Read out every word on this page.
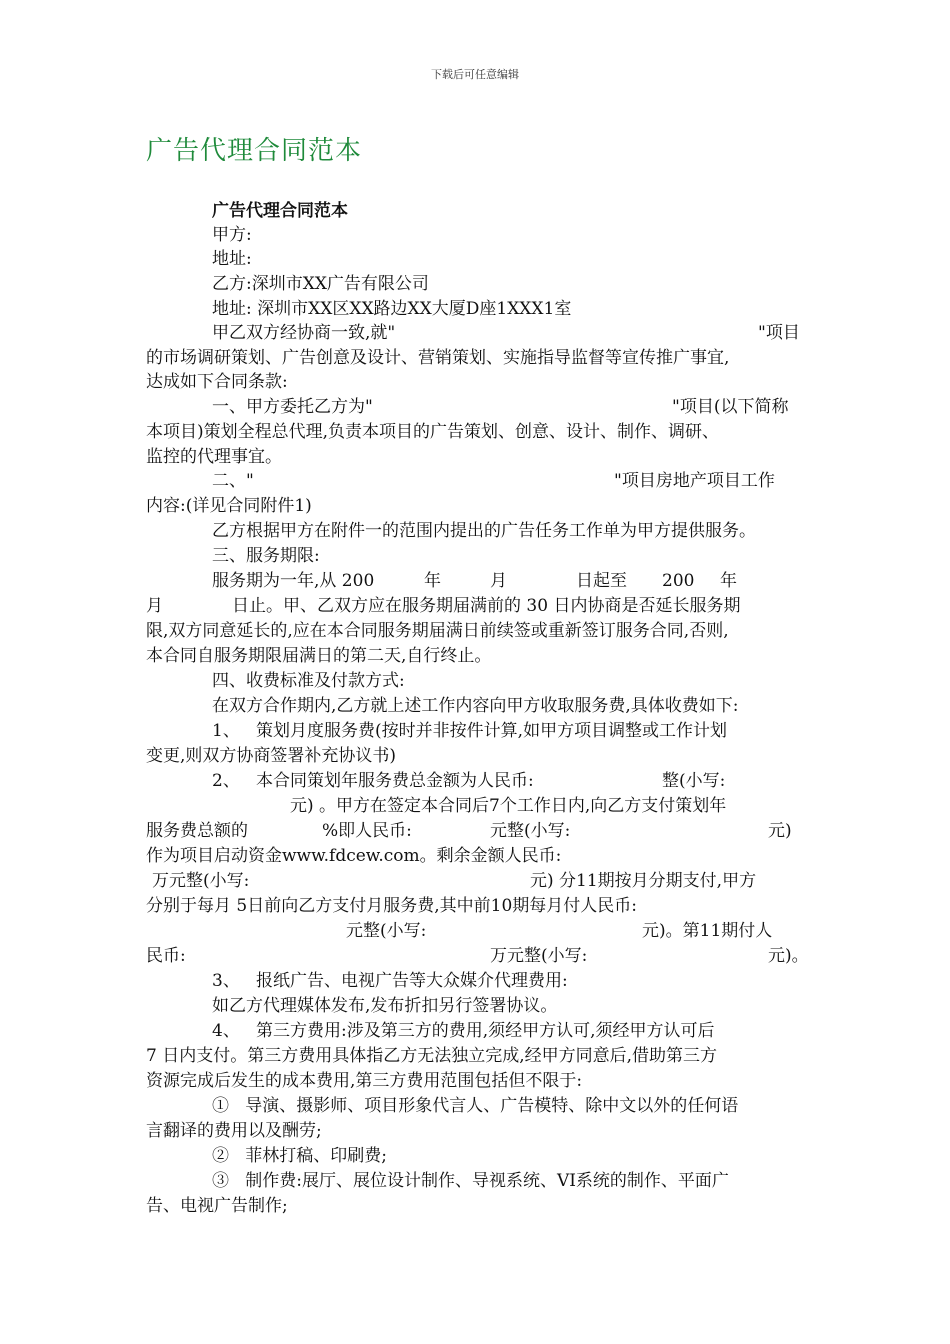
下载后可任意编辑
广告代理合同范本
广告代理合同范本
甲方:
地址:
乙方:深圳市XX广告有限公司
地址: 深圳市XX区XX路边XX大厦D座1XXX1室
甲乙双方经协商一致,就"	"项目
的市场调研策划、广告创意及设计、营销策划、实施指导监督等宣传推广事宜,
达成如下合同条款:
一、甲方委托乙方为"	"项目(以下简称
本项目)策划全程总代理,负责本项目的广告策划、创意、设计、制作、调研、
监控的代理事宜。
二、"	"项目房地产项目工作
内容:(详见合同附件1)
乙方根据甲方在附件一的范围内提出的广告任务工作单为甲方提供服务。
三、服务期限:
服务期为一年,从 200	年	月	日起至 200 年
月	日止。甲、乙双方应在服务期届满前的 30 日内协商是否延长服务期
限,双方同意延长的,应在本合同服务期届满日前续签或重新签订服务合同,否则,
本合同自服务期限届满日的第二天,自行终止。
四、收费标准及付款方式:
在双方合作期内,乙方就上述工作内容向甲方收取服务费,具体收费如下:
1、   策划月度服务费(按时并非按件计算,如甲方项目调整或工作计划
变更,则双方协商签署补充协议书)
2、   本合同策划年服务费总金额为人民币:	整(小写:
元) 。甲方在签定本合同后7个工作日内,向乙方支付策划年
服务费总额的	%即人民币:	元整(小写:	元)
作为项目启动资金www.fdcew.com。剩余金额人民币:
万元整(小写:	元) 分11期按月分期支付,甲方
分别于每月 5日前向乙方支付月服务费,其中前10期每月付人民币:
元整(小写:	元)。第11期付人
民币:	万元整(小写:	元)。
3、   报纸广告、电视广告等大众媒介代理费用:
如乙方代理媒体发布,发布折扣另行签署协议。
4、   第三方费用:涉及第三方的费用,须经甲方认可,须经甲方认可后
7 日内支付。第三方费用具体指乙方无法独立完成,经甲方同意后,借助第三方
资源完成后发生的成本费用,第三方费用范围包括但不限于:
①   导演、摄影师、项目形象代言人、广告模特、除中文以外的任何语
言翻译的费用以及酬劳;
②   菲林打稿、印刷费;
③   制作费:展厅、展位设计制作、导视系统、VI系统的制作、平面广
告、电视广告制作;
